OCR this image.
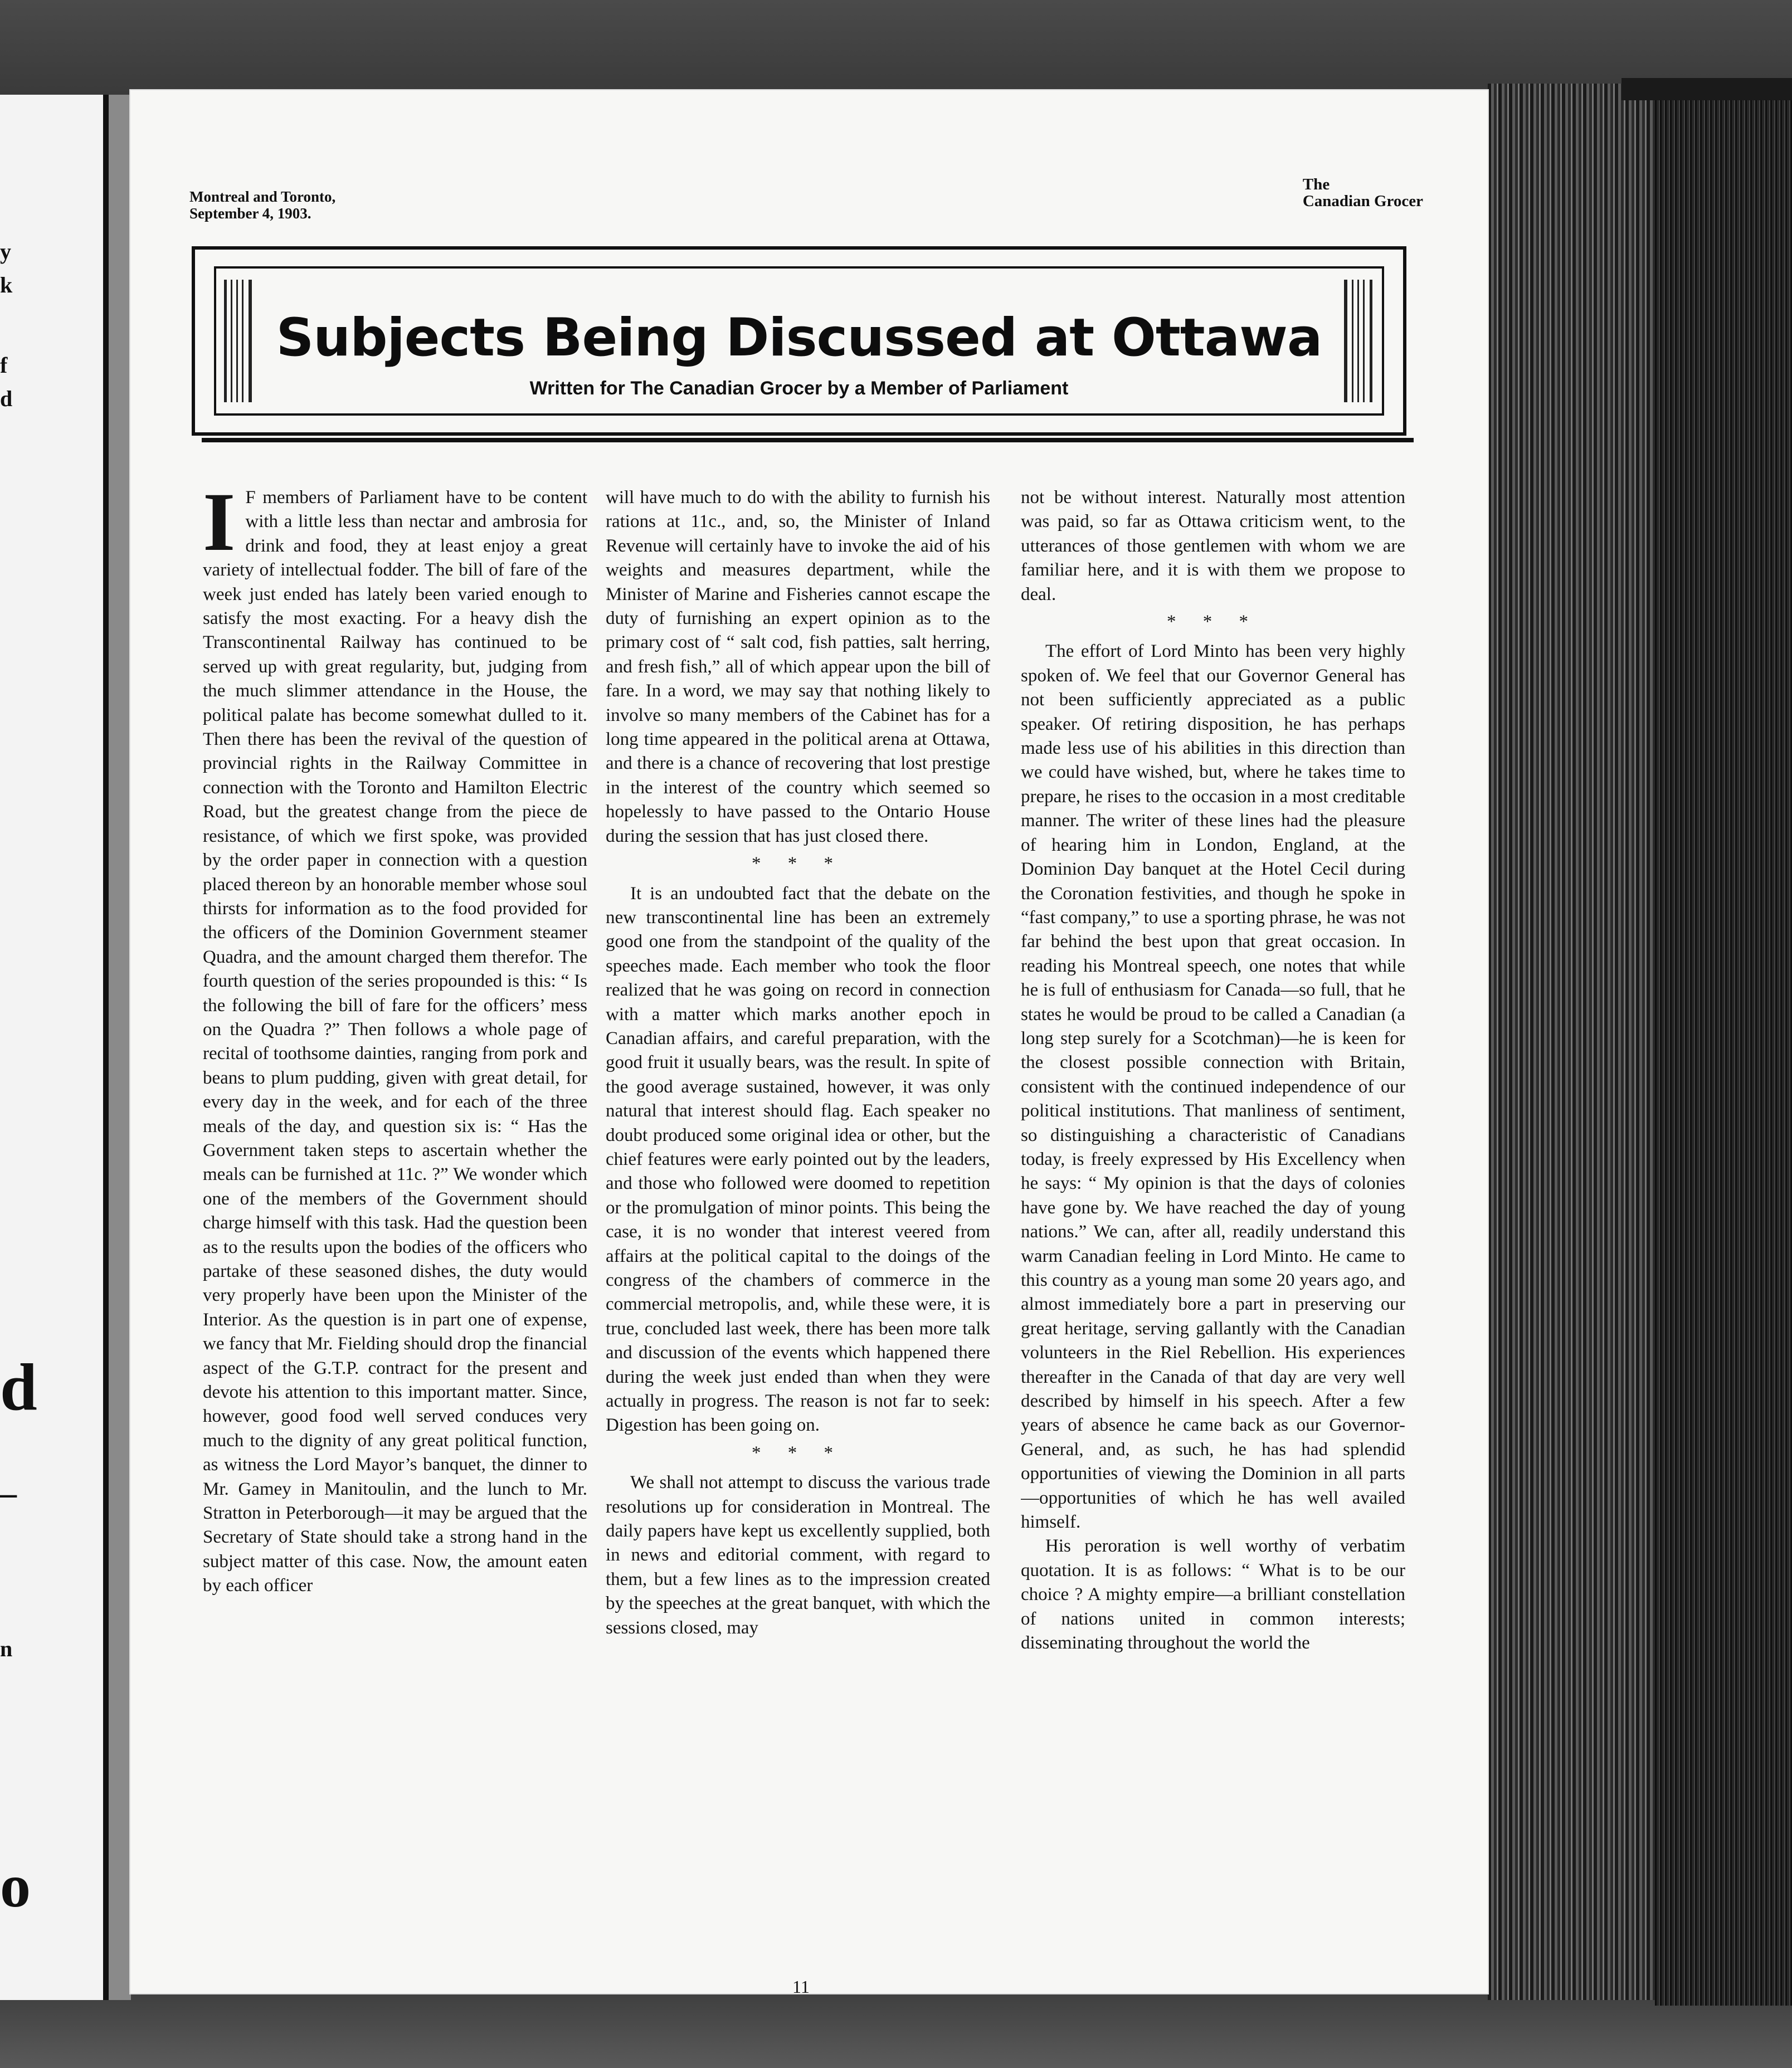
y
k
f
d
d
–
n
o
Montreal and Toronto,
September 4, 1903.
The
Canadian Grocer
Subjects Being Discussed at Ottawa
Written for The Canadian Grocer by a Member of Parliament

I F members of Parliament have to be content with a little less than nectar and ambrosia for drink and food, they at least enjoy a great variety of intellectual fodder. The bill of fare of the week just ended has lately been varied enough to satisfy the most exacting. For a heavy dish the Transcontinental Railway has continued to be served up with great regularity, but, judging from the much slimmer attendance in the House, the political palate has become somewhat dulled to it. Then there has been the revival of the question of provincial rights in the Railway Committee in connection with the Toronto and Hamilton Electric Road, but the greatest change from the piece de resistance, of which we first spoke, was provided by the order paper in connection with a question placed thereon by an honorable member whose soul thirsts for information as to the food provided for the officers of the Dominion Government steamer Quadra, and the amount charged them therefor. The fourth question of the series propounded is this: “ Is the following the bill of fare for the officers’ mess on the Quadra ?” Then follows a whole page of recital of toothsome dainties, ranging from pork and beans to plum pudding, given with great detail, for every day in the week, and for each of the three meals of the day, and question six is: “ Has the Government taken steps to ascertain whether the meals can be furnished at 11c. ?” We wonder which one of the members of the Government should charge himself with this task. Had the question been as to the results upon the bodies of the officers who partake of these seasoned dishes, the duty would very properly have been upon the Minister of the Interior. As the question is in part one of expense, we fancy that Mr. Fielding should drop the financial aspect of the G.T.P. contract for the present and devote his attention to this important matter. Since, however, good food well served conduces very much to the dignity of any great political function, as witness the Lord Mayor’s banquet, the dinner to Mr. Gamey in Manitoulin, and the lunch to Mr. Stratton in Peterborough—it may be argued that the Secretary of State should take a strong hand in the subject matter of this case. Now, the amount eaten by each officer

will have much to do with the ability to furnish his rations at 11c., and, so, the Minister of Inland Revenue will certainly have to invoke the aid of his weights and measures department, while the Minister of Marine and Fisheries cannot escape the duty of furnishing an expert opinion as to the primary cost of “ salt cod, fish patties, salt herring, and fresh fish,” all of which appear upon the bill of fare. In a word, we may say that nothing likely to involve so many members of the Cabinet has for a long time appeared in the political arena at Ottawa, and there is a chance of recovering that lost prestige in the interest of the country which seemed so hopelessly to have passed to the Ontario House during the session that has just closed there.

* * *

It is an undoubted fact that the debate on the new transcontinental line has been an extremely good one from the standpoint of the quality of the speeches made. Each member who took the floor realized that he was going on record in connection with a matter which marks another epoch in Canadian affairs, and careful preparation, with the good fruit it usually bears, was the result. In spite of the good average sustained, however, it was only natural that interest should flag. Each speaker no doubt produced some original idea or other, but the chief features were early pointed out by the leaders, and those who followed were doomed to repetition or the promulgation of minor points. This being the case, it is no wonder that interest veered from affairs at the political capital to the doings of the congress of the chambers of commerce in the commercial metropolis, and, while these were, it is true, concluded last week, there has been more talk and discussion of the events which happened there during the week just ended than when they were actually in progress. The reason is not far to seek: Digestion has been going on.

* * *

We shall not attempt to discuss the various trade resolutions up for consideration in Montreal. The daily papers have kept us excellently supplied, both in news and editorial comment, with regard to them, but a few lines as to the impression created by the speeches at the great banquet, with which the sessions closed, may

not be without interest. Naturally most attention was paid, so far as Ottawa criticism went, to the utterances of those gentlemen with whom we are familiar here, and it is with them we propose to deal.

* * *

The effort of Lord Minto has been very highly spoken of. We feel that our Governor General has not been sufficiently appreciated as a public speaker. Of retiring disposition, he has perhaps made less use of his abilities in this direction than we could have wished, but, where he takes time to prepare, he rises to the occasion in a most creditable manner. The writer of these lines had the pleasure of hearing him in London, England, at the Dominion Day banquet at the Hotel Cecil during the Coronation festivities, and though he spoke in “fast company,” to use a sporting phrase, he was not far behind the best upon that great occasion. In reading his Montreal speech, one notes that while he is full of enthusiasm for Canada—so full, that he states he would be proud to be called a Canadian (a long step surely for a Scotchman)—he is keen for the closest possible connection with Britain, consistent with the continued independence of our political institutions. That manliness of sentiment, so distinguishing a characteristic of Canadians today, is freely expressed by His Excellency when he says: “ My opinion is that the days of colonies have gone by. We have reached the day of young nations.” We can, after all, readily understand this warm Canadian feeling in Lord Minto. He came to this country as a young man some 20 years ago, and almost immediately bore a part in preserving our great heritage, serving gallantly with the Canadian volunteers in the Riel Rebellion. His experiences thereafter in the Canada of that day are very well described by himself in his speech. After a few years of absence he came back as our Governor-General, and, as such, he has had splendid opportunities of viewing the Dominion in all parts—opportunities of which he has well availed himself.

His peroration is well worthy of verbatim quotation. It is as follows: “ What is to be our choice ? A mighty empire—a brilliant constellation of nations united in common interests; disseminating throughout the world the

11
